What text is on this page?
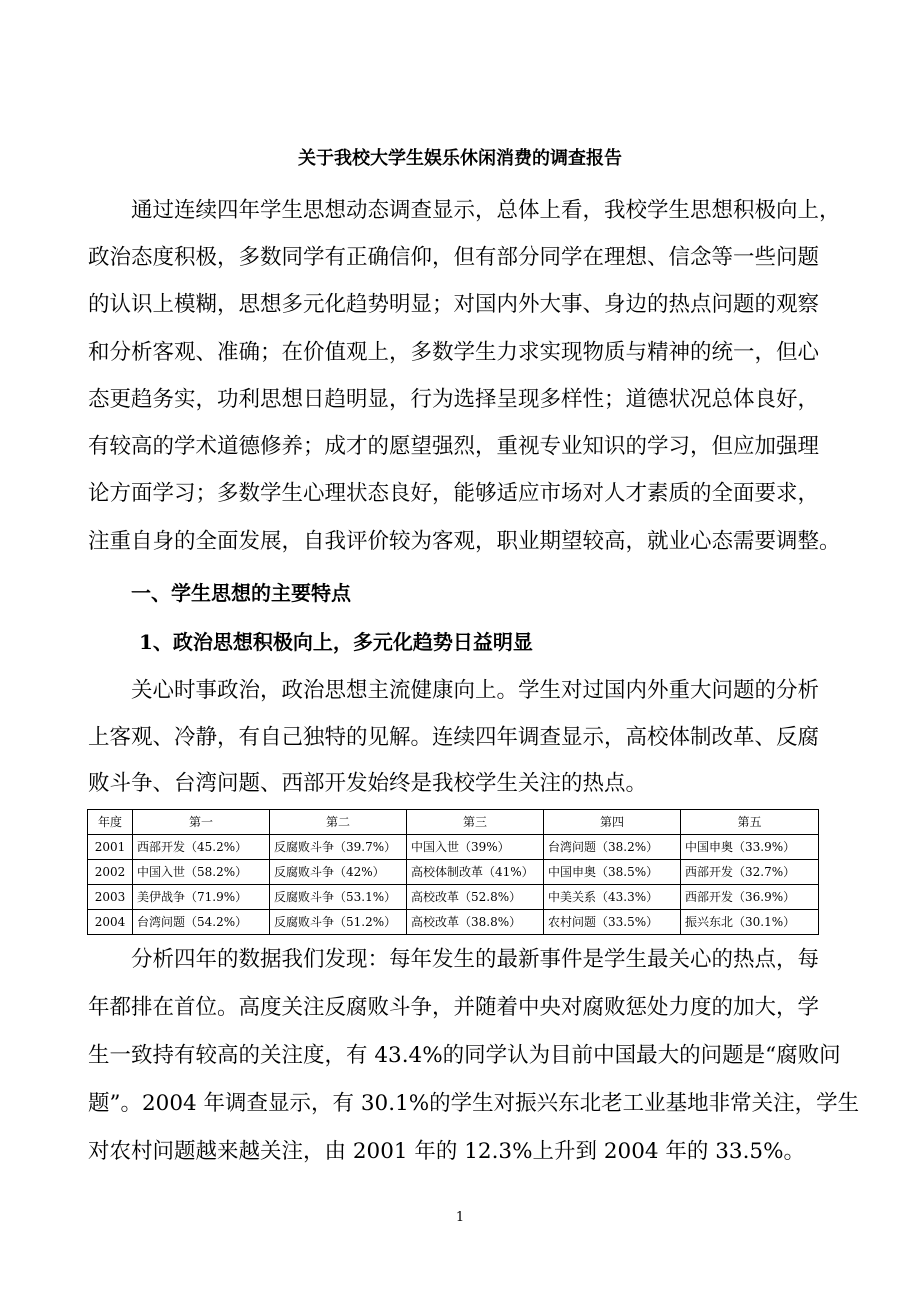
关于我校大学生娱乐休闲消费的调查报告
通过连续四年学生思想动态调查显示，总体上看，我校学生思想积极向上，
政治态度积极，多数同学有正确信仰，但有部分同学在理想、信念等一些问题
的认识上模糊，思想多元化趋势明显；对国内外大事、身边的热点问题的观察
和分析客观、准确；在价值观上，多数学生力求实现物质与精神的统一，但心
态更趋务实，功利思想日趋明显，行为选择呈现多样性；道德状况总体良好，
有较高的学术道德修养；成才的愿望强烈，重视专业知识的学习，但应加强理
论方面学习；多数学生心理状态良好，能够适应市场对人才素质的全面要求，
注重自身的全面发展，自我评价较为客观，职业期望较高，就业心态需要调整。
一、学生思想的主要特点
1、政治思想积极向上，多元化趋势日益明显
关心时事政治，政治思想主流健康向上。学生对过国内外重大问题的分析
上客观、冷静，有自己独特的见解。连续四年调查显示，高校体制改革、反腐
败斗争、台湾问题、西部开发始终是我校学生关注的热点。
年度	第一	第二	第三	第四	第五
2001	西部开发（45.2%）	反腐败斗争（39.7%）	中国入世（39%）	台湾问题（38.2%）	中国申奥（33.9%）
2002	中国入世（58.2%）	反腐败斗争（42%）	高校体制改革（41%）	中国申奥（38.5%）	西部开发（32.7%）
2003	美伊战争（71.9%）	反腐败斗争（53.1%）	高校改革（52.8%）	中美关系（43.3%）	西部开发（36.9%）
2004	台湾问题（54.2%）	反腐败斗争（51.2%）	高校改革（38.8%）	农村问题（33.5%）	振兴东北（30.1%）
分析四年的数据我们发现：每年发生的最新事件是学生最关心的热点，每
年都排在首位。高度关注反腐败斗争，并随着中央对腐败惩处力度的加大，学
生一致持有较高的关注度，有 43.4%的同学认为目前中国最大的问题是“腐败问
题”。2004 年调查显示，有 30.1%的学生对振兴东北老工业基地非常关注，学生
对农村问题越来越关注，由 2001 年的 12.3%上升到 2004 年的 33.5%。
1
